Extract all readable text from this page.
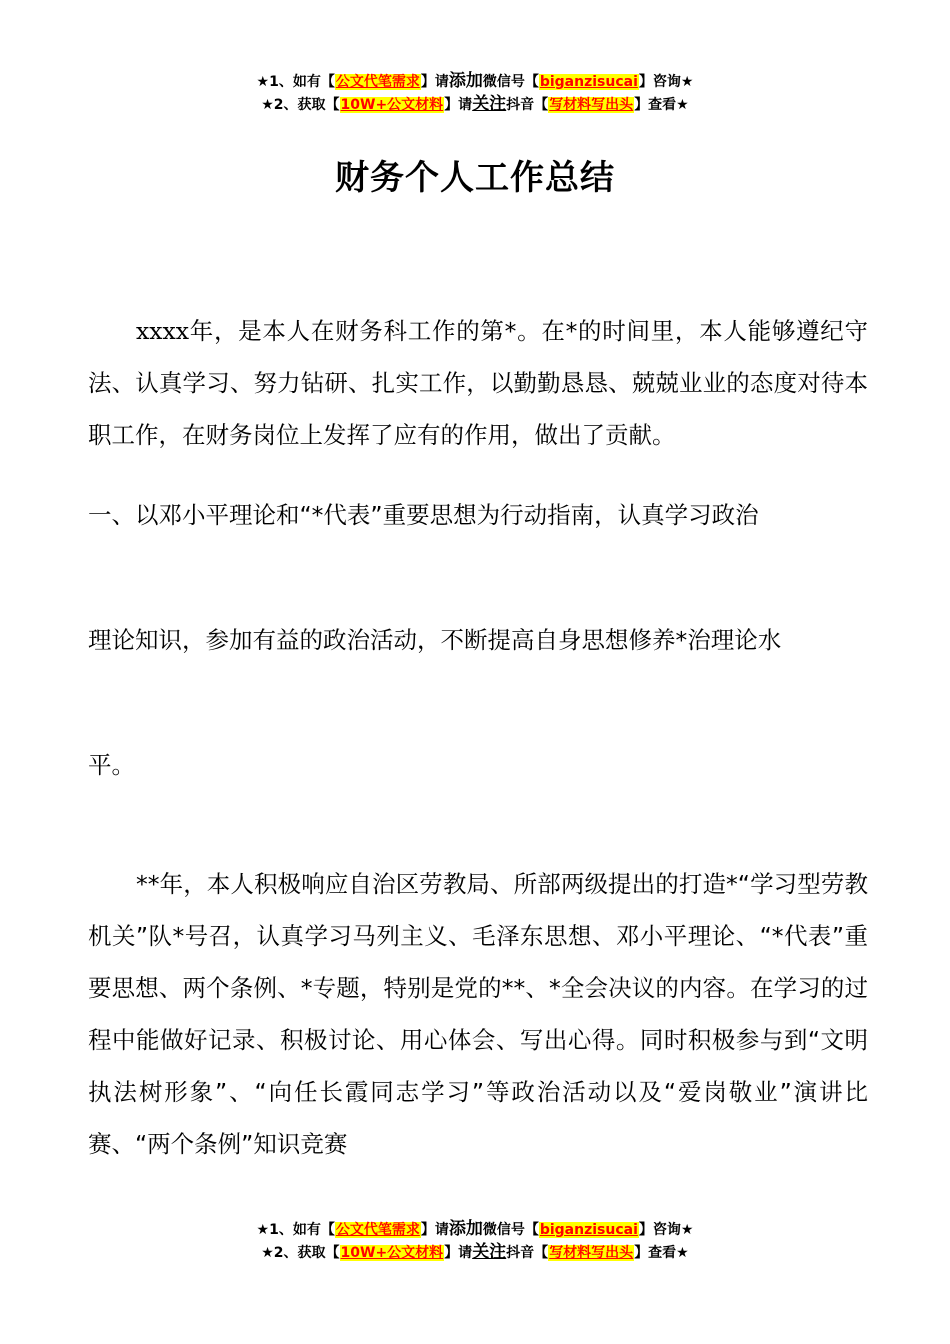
★1、如有【公文代笔需求】请添加微信号【biganzisucai】咨询★
★2、获取【10W+公文材料】请关注抖音【写材料写出头】查看★
财务个人工作总结
xxxx年，是本人在财务科工作的第*。在*的时间里，本人能够遵纪守法、认真学习、努力钻研、扎实工作，以勤勤恳恳、兢兢业业的态度对待本职工作，在财务岗位上发挥了应有的作用，做出了贡献。
一、以邓小平理论和“*代表”重要思想为行动指南，认真学习政治
理论知识，参加有益的政治活动，不断提高自身思想修养*治理论水
平。
**年，本人积极响应自治区劳教局、所部两级提出的打造*“学习型劳教机关”队*号召，认真学习马列主义、毛泽东思想、邓小平理论、“*代表”重要思想、两个条例、*专题，特别是党的**、*全会决议的内容。在学习的过程中能做好记录、积极讨论、用心体会、写出心得。同时积极参与到“文明执法树形象”、“向任长霞同志学习”等政治活动以及“爱岗敬业”演讲比赛、“两个条例”知识竞赛
★1、如有【公文代笔需求】请添加微信号【biganzisucai】咨询★
★2、获取【10W+公文材料】请关注抖音【写材料写出头】查看★
